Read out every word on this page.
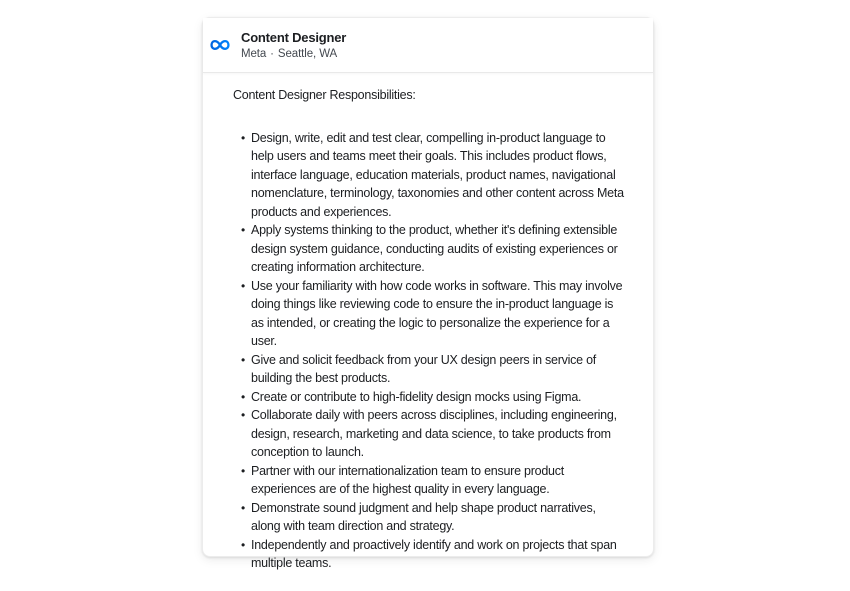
Content Designer
Meta · Seattle, WA

Content Designer Responsibilities:

• Design, write, edit and test clear, compelling in-product language to help users and teams meet their goals. This includes product flows, interface language, education materials, product names, navigational nomenclature, terminology, taxonomies and other content across Meta products and experiences.
• Apply systems thinking to the product, whether it's defining extensible design system guidance, conducting audits of existing experiences or creating information architecture.
• Use your familiarity with how code works in software. This may involve doing things like reviewing code to ensure the in-product language is as intended, or creating the logic to personalize the experience for a user.
• Give and solicit feedback from your UX design peers in service of building the best products.
• Create or contribute to high-fidelity design mocks using Figma.
• Collaborate daily with peers across disciplines, including engineering, design, research, marketing and data science, to take products from conception to launch.
• Partner with our internationalization team to ensure product experiences are of the highest quality in every language.
• Demonstrate sound judgment and help shape product narratives, along with team direction and strategy.
• Independently and proactively identify and work on projects that span multiple teams.
